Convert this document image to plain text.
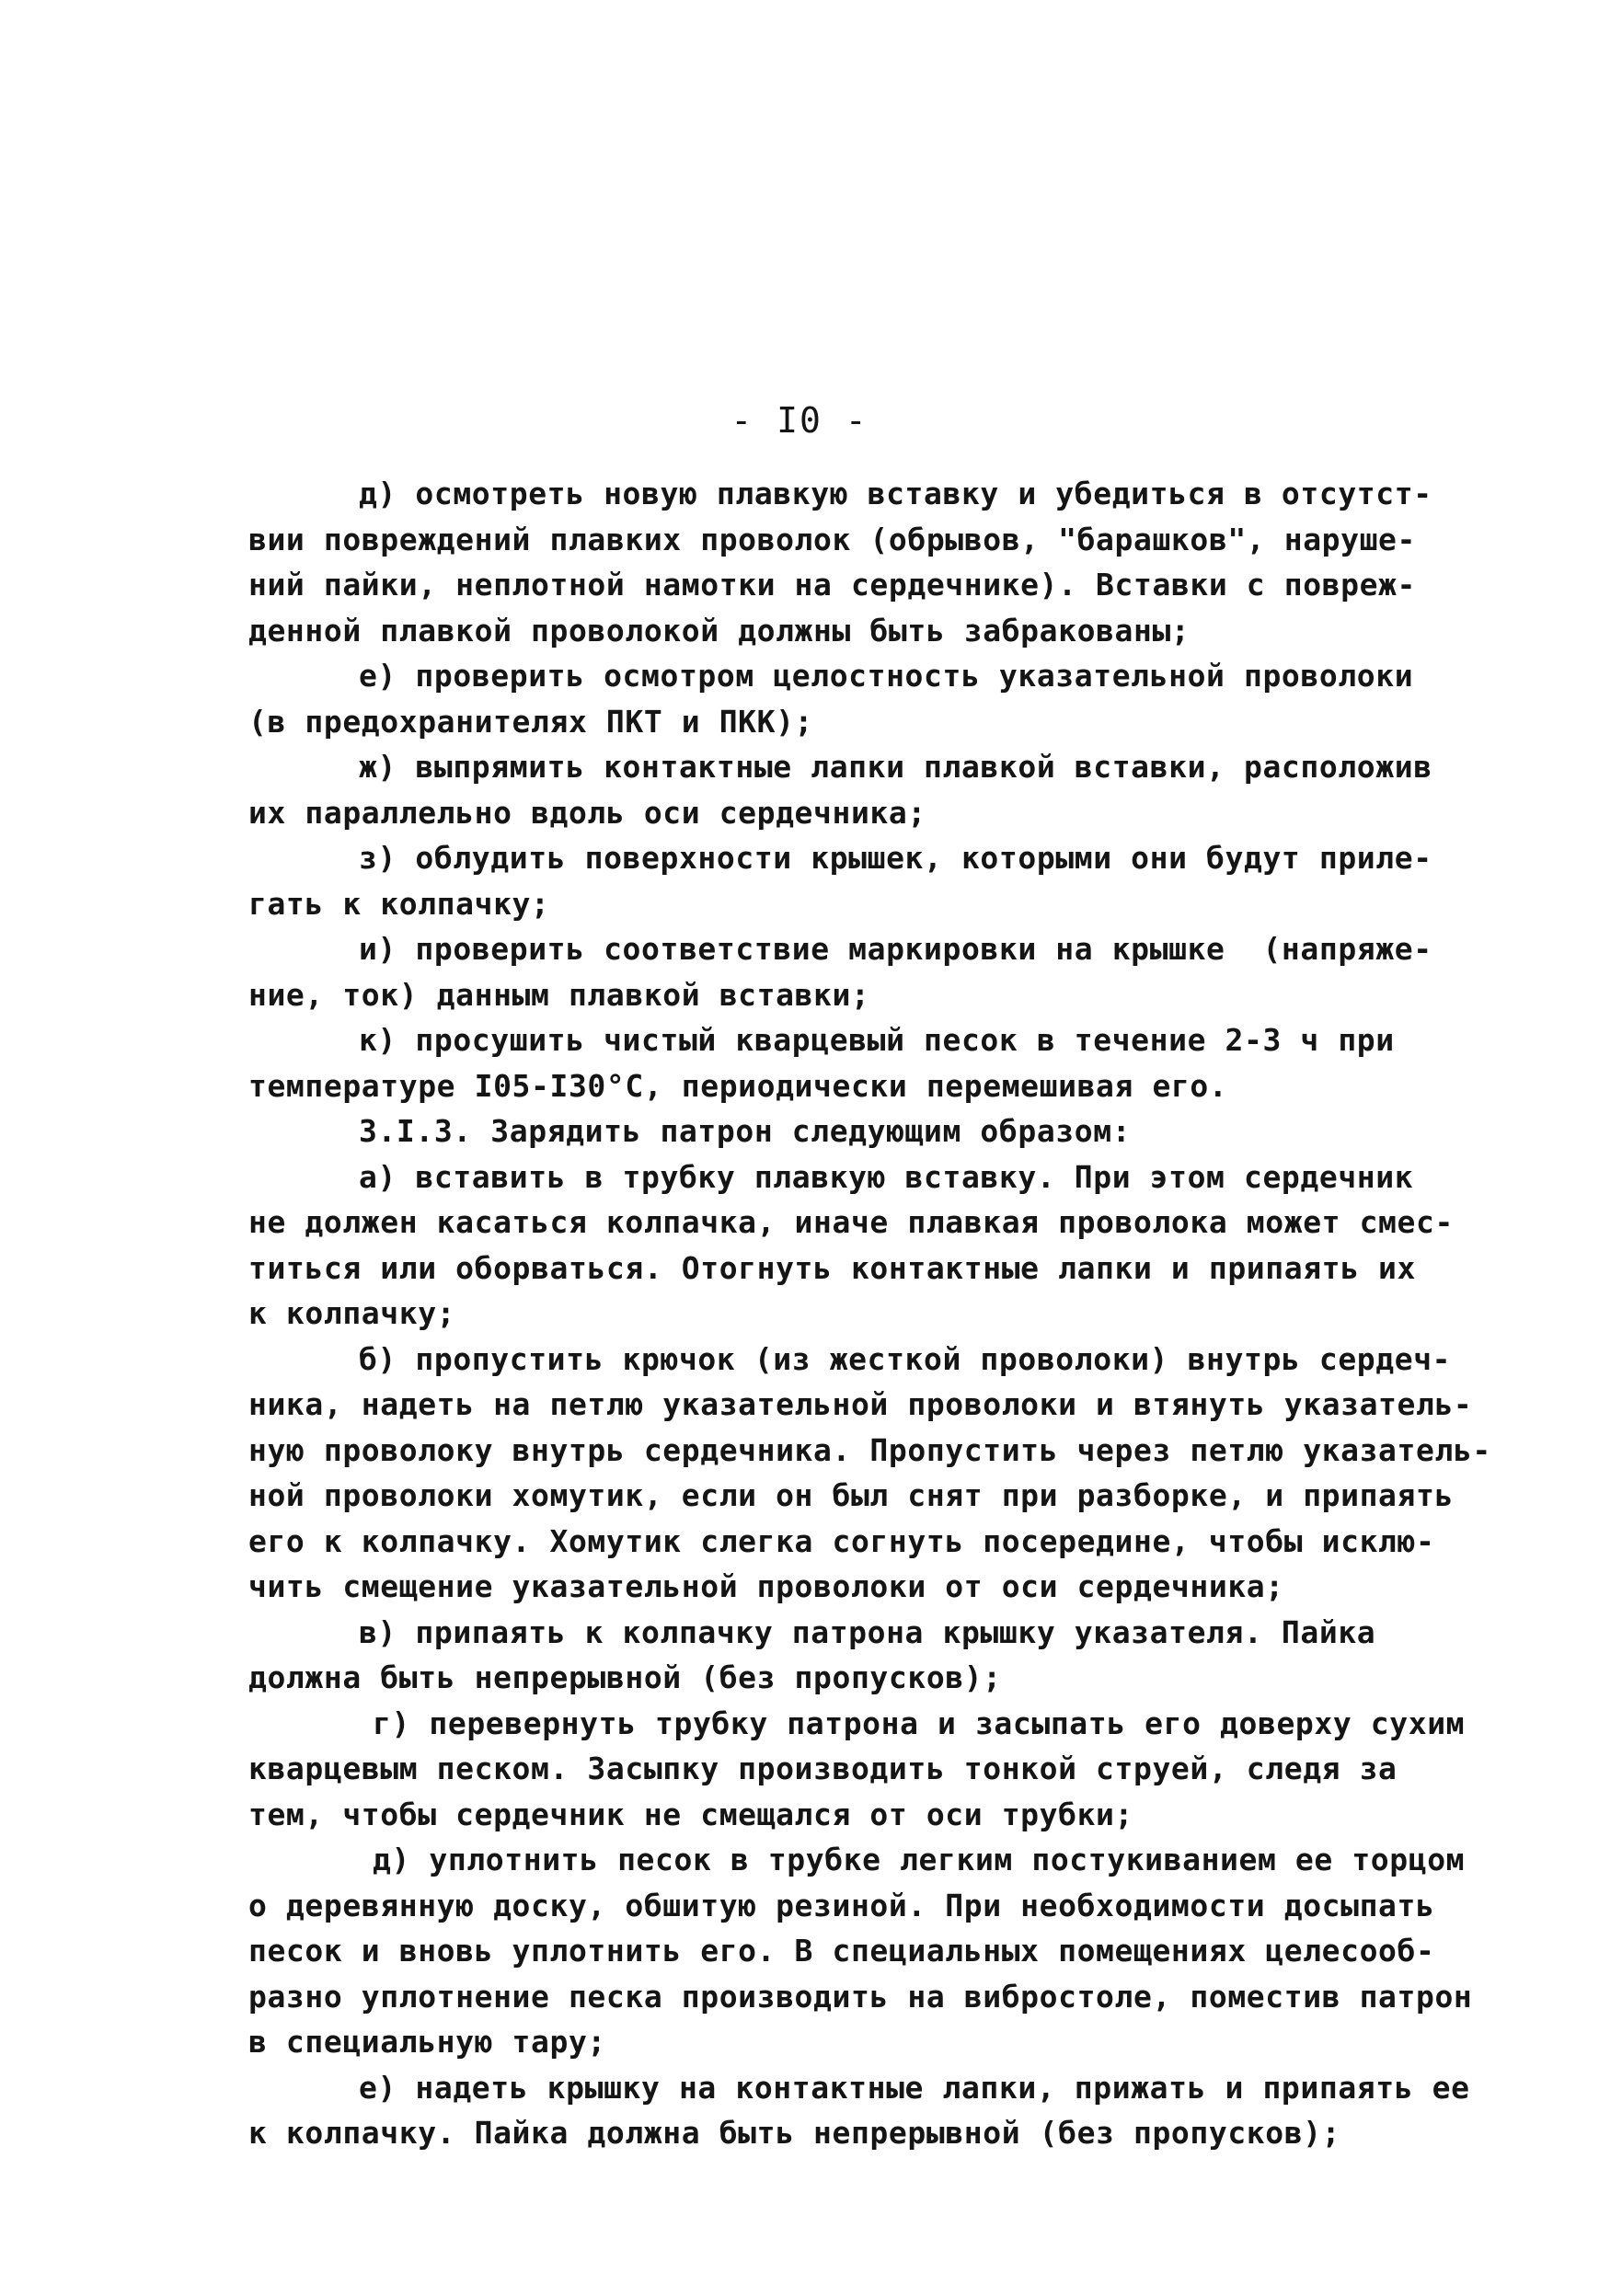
- I0 -
д) осмотреть новую плавкую вставку и убедиться в отсутст-
вии повреждений плавких проволок (обрывов, "барашков", наруше-
ний пайки, неплотной намотки на сердечнике). Вставки с повреж-
денной плавкой проволокой должны быть забракованы;
е) проверить осмотром целостность указательной проволоки
(в предохранителях ПКТ и ПКК);
ж) выпрямить контактные лапки плавкой вставки, расположив
их параллельно вдоль оси сердечника;
з) облудить поверхности крышек, которыми они будут приле-
гать к колпачку;
и) проверить соответствие маркировки на крышке  (напряже-
ние, ток) данным плавкой вставки;
к) просушить чистый кварцевый песок в течение 2-3 ч при
температуре I05-I30°С, периодически перемешивая его.
3.I.3. Зарядить патрон следующим образом:
а) вставить в трубку плавкую вставку. При этом сердечник
не должен касаться колпачка, иначе плавкая проволока может смес-
титься или оборваться. Отогнуть контактные лапки и припаять их
к колпачку;
б) пропустить крючок (из жесткой проволоки) внутрь сердеч-
ника, надеть на петлю указательной проволоки и втянуть указатель-
ную проволоку внутрь сердечника. Пропустить через петлю указатель-
ной проволоки хомутик, если он был снят при разборке, и припаять
его к колпачку. Хомутик слегка согнуть посередине, чтобы исклю-
чить смещение указательной проволоки от оси сердечника;
в) припаять к колпачку патрона крышку указателя. Пайка
должна быть непрерывной (без пропусков);
г) перевернуть трубку патрона и засыпать его доверху сухим
кварцевым песком. Засыпку производить тонкой струей, следя за
тем, чтобы сердечник не смещался от оси трубки;
д) уплотнить песок в трубке легким постукиванием ее торцом
о деревянную доску, обшитую резиной. При необходимости досыпать
песок и вновь уплотнить его. В специальных помещениях целесооб-
разно уплотнение песка производить на вибростоле, поместив патрон
в специальную тару;
е) надеть крышку на контактные лапки, прижать и припаять ее
к колпачку. Пайка должна быть непрерывной (без пропусков);
